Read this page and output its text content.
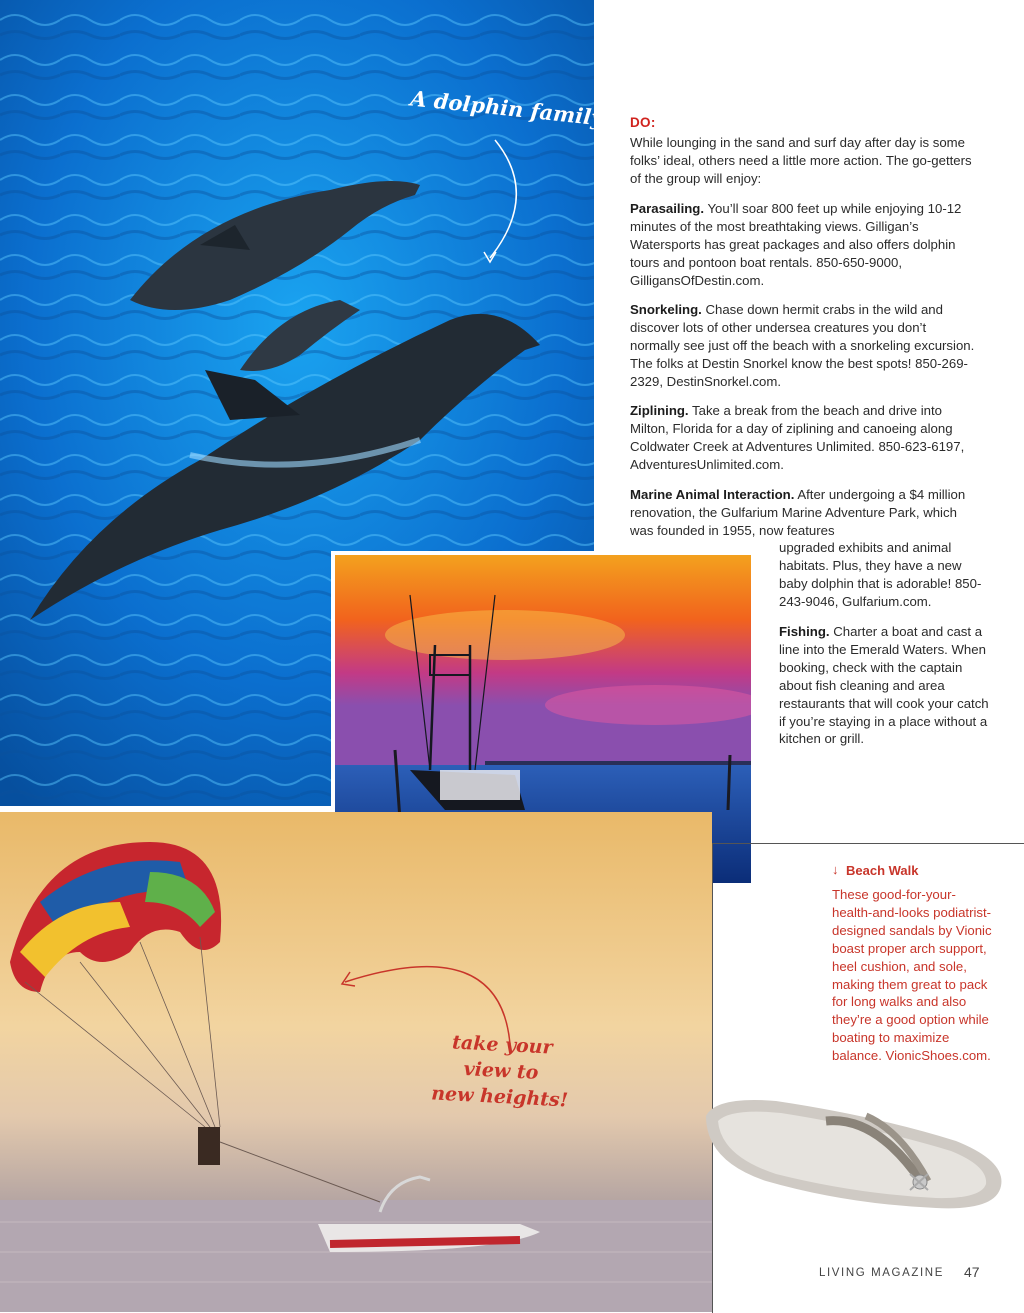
A dolphin family!
take your view to
new heights!
DO:
While lounging in the sand and surf day after day is some folks’ ideal, others need a little more action. The go-getters of the group will enjoy:
Parasailing. You’ll soar 800 feet up while enjoying 10-12 minutes of the most breathtaking views. Gilligan’s Watersports has great packages and also offers dolphin tours and pontoon boat rentals. 850-650-9000, GilligansOfDestin.com.
Snorkeling. Chase down hermit crabs in the wild and discover lots of other undersea creatures you don’t normally see just off the beach with a snorkeling excursion. The folks at Destin Snorkel know the best spots! 850-269-2329, DestinSnorkel.com.
Ziplining. Take a break from the beach and drive into Milton, Florida for a day of ziplining and canoeing along Coldwater Creek at Adventures Unlimited. 850-623-6197, AdventuresUnlimited.com.
Marine Animal Interaction. After undergoing a $4 million renovation, the Gulfarium Marine Adventure Park, which was founded in 1955, now features
upgraded exhibits and animal habitats. Plus, they have a new baby dolphin that is adorable! 850-243-9046, Gulfarium.com.
Fishing. Charter a boat and cast a line into the Emerald Waters. When booking, check with the captain about fish cleaning and area restaurants that will cook your catch if you’re staying in a place without a kitchen or grill.
↓ Beach Walk
These good-for-your-health-and-looks podiatrist-designed sandals by Vionic boast proper arch support, heel cushion, and sole, making them great to pack for long walks and also they’re a good option while boating to maximize balance. VionicShoes.com.
LIVING MAGAZINE 47
